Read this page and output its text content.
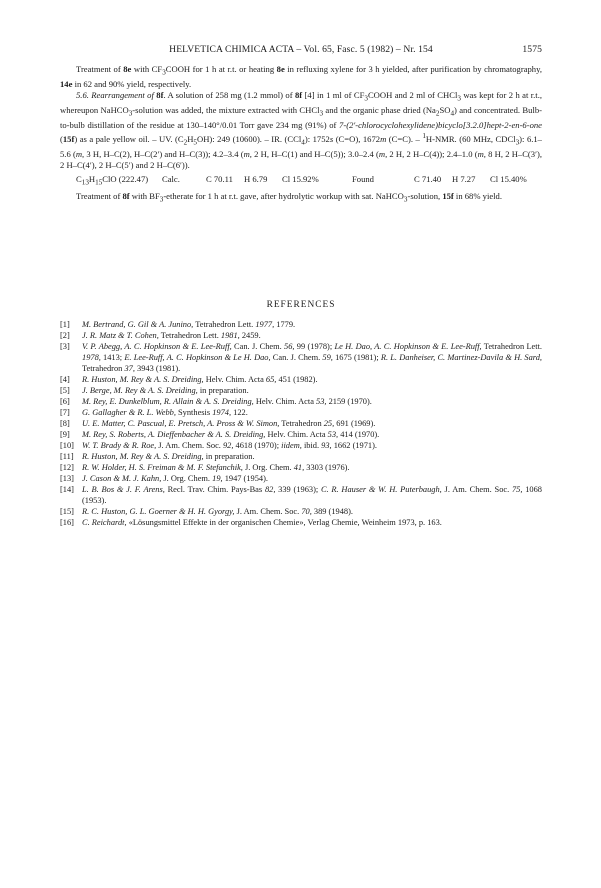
HELVETICA CHIMICA ACTA – Vol. 65, Fasc. 5 (1982) – Nr. 154	1575

Treatment of 8e with $CF_3COOH$ for 1 h at r.t. or heating 8e in refluxing xylene for 3 h yielded, after purification by chromatography, 14e in 62 and 90% yield, respectively.

5.6. Rearrangement of 8f. A solution of 258 mg (1.2 mmol) of 8f [4] in 1 ml of $CF_3COOH$ and 2 ml of CHCl$_3$ was kept for 2 h at r.t., whereupon NaHCO$_3$-solution was added, the mixture extracted with CHCl$_3$ and the organic phase dried $(Na_2SO_4)$ and concentrated. Bulb-to-bulb distillation of the residue at 130–140°/0.01 Torr gave 234 mg (91%) of 7-(2′-chlorocyclohexylidene)bicyclo[3.2.0]hept-2-en-6-one (15f) as a pale yellow oil. – UV. $(C_2H_5OH)$: 249 (10600). – IR. (CCl$_4$): 1752s (C=O), 1672m (C=C). – $^1$H-NMR. (60 MHz, CDCl$_3$): 6.1–5.6 (m, 3 H, H–C(2), H–C(2′) and H–C(3)); 4.2–3.4 (m, 2 H, H–C(1) and H–C(5)); 3.0–2.4 (m, 2 H, 2 H–C(4)); 2.4–1.0 (m, 8 H, 2 H–C(3′), 2 H–C(4′), 2 H–C(5′) and 2 H–C(6′)).

$C_{13}H_{15}ClO$ (222.47)	Calc.	C 70.11	H 6.79	Cl 15.92%	Found	C 71.40	H 7.27	Cl 15.40%

Treatment of 8f with $BF_3$-etherate for 1 h at r.t. gave, after hydrolytic workup with sat. NaHCO$_3$-solution, 15f in 68% yield.

REFERENCES
[1]	M. Bertrand, G. Gil & A. Junino, Tetrahedron Lett. 1977, 1779.
[2]	J. R. Matz & T. Cohen, Tetrahedron Lett. 1981, 2459.
[3]	V. P. Abegg, A. C. Hopkinson & E. Lee-Ruff, Can. J. Chem. 56, 99 (1978); Le H. Dao, A. C. Hopkinson & E. Lee-Ruff, Tetrahedron Lett. 1978, 1413; E. Lee-Ruff, A. C. Hopkinson & Le H. Dao, Can. J. Chem. 59, 1675 (1981); R. L. Danheiser, C. Martinez-Davila & H. Sard, Tetrahedron 37, 3943 (1981).
[4]	R. Huston, M. Rey & A. S. Dreiding, Helv. Chim. Acta 65, 451 (1982).
[5]	J. Berge, M. Rey & A. S. Dreiding, in preparation.
[6]	M. Rey, E. Dunkelblum, R. Allain & A. S. Dreiding, Helv. Chim. Acta 53, 2159 (1970).
[7]	G. Gallagher & R. L. Webb, Synthesis 1974, 122.
[8]	U. E. Matter, C. Pascual, E. Pretsch, A. Pross & W. Simon, Tetrahedron 25, 691 (1969).
[9]	M. Rey, S. Roberts, A. Dieffenbacher & A. S. Dreiding, Helv. Chim. Acta 53, 414 (1970).
[10] W. T. Brady & R. Roe, J. Am. Chem. Soc. 92, 4618 (1970); iidem, ibid. 93, 1662 (1971).
[11] R. Huston, M. Rey & A. S. Dreiding, in preparation.
[12] R. W. Holder, H. S. Freiman & M. F. Stefanchik, J. Org. Chem. 41, 3303 (1976).
[13] J. Cason & M. J. Kahn, J. Org. Chem. 19, 1947 (1954).
[14] L. B. Bos & J. F. Arens, Recl. Trav. Chim. Pays-Bas 82, 339 (1963); C. R. Hauser & W. H. Puterbaugh, J. Am. Chem. Soc. 75, 1068 (1953).
[15] R. C. Huston, G. L. Goerner & H. H. Gyorgy, J. Am. Chem. Soc. 70, 389 (1948).
[16] C. Reichardt, «Lösungsmittel Effekte in der organischen Chemie», Verlag Chemie, Weinheim 1973, p. 163.
